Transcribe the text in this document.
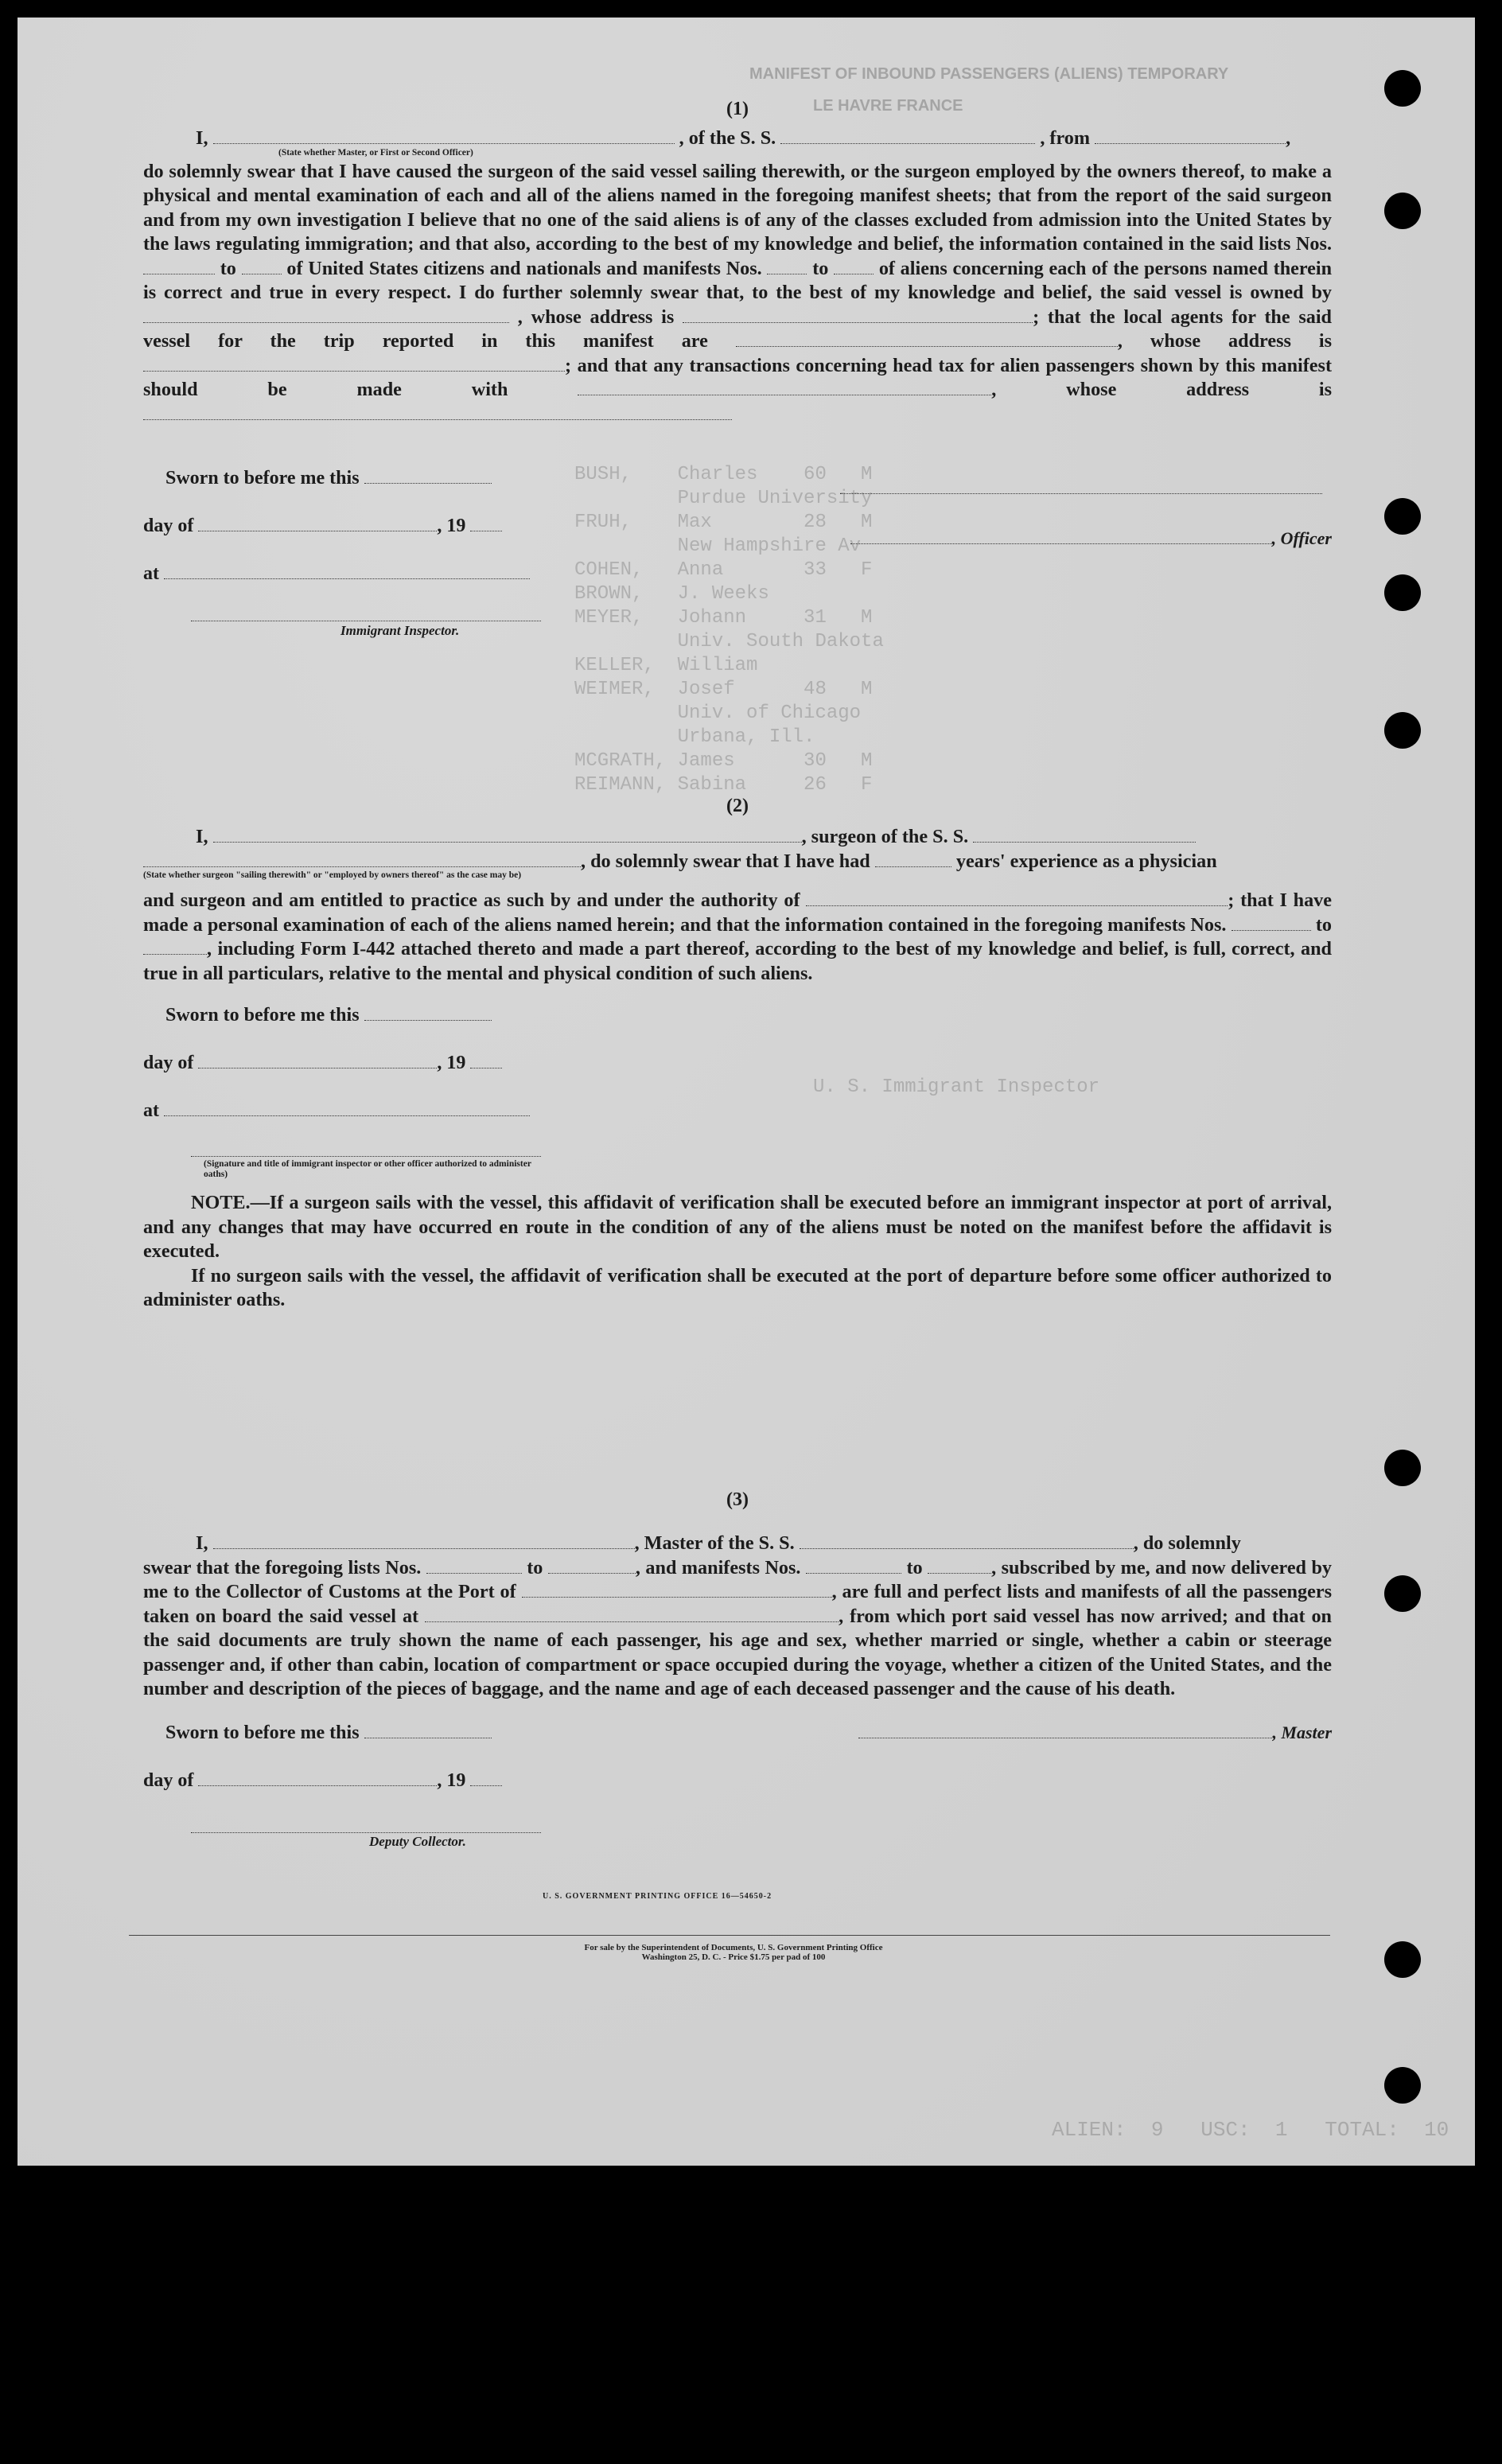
MANIFEST OF INBOUND PASSENGERS (ALIENS) TEMPORARY
LE HAVRE FRANCE
BUSH,    Charles    60   M
Purdue University
FRUH,    Max        28   M
New Hampshire Av
COHEN,   Anna       33   F
BROWN,   J. Weeks
MEYER,   Johann     31   M
Univ. South Dakota
KELLER,  William
WEIMER,  Josef      48   M
Univ. of Chicago
Urbana, Ill.
MCGRATH, James      30   M
REIMANN, Sabina     26   F
U. S. Immigrant Inspector
ALIEN:  9   USC:  1   TOTAL:  10

(1)

I,	, of the S. S.	, from	,
(State whether Master, or First or Second Officer)

do solemnly swear that I have caused the surgeon of the said vessel sailing therewith, or the surgeon employed by the owners thereof, to make a physical and mental examination of each and all of the aliens named in the foregoing manifest sheets; that from the report of the said surgeon and from my own investigation I believe that no one of the said aliens is of any of the classes excluded from admission into the United States by the laws regulating immigration; and that also, according to the best of my knowledge and belief, the information contained in the said lists Nos.  to	of United States citizens and nationals and manifests Nos.	to	of aliens concerning each of the persons named therein is correct and true in every respect. I do further solemnly swear that, to the best of my knowledge and belief, the said vessel is owned by  , whose address is	; that the local agents for the said vessel for the trip reported in this manifest are	, whose address is ; and that any transactions concerning head tax for alien passengers shown by this manifest should be made with	, whose address is

Sworn to before me this
day of	, 19
at
Immigrant Inspector.
, Officer

(2)

I,	, surgeon of the S. S.
, do solemnly swear that I have had	years' experience as a physician
(State whether surgeon "sailing therewith" or "employed by owners thereof" as the case may be)

and surgeon and am entitled to practice as such by and under the authority of	; that I have made a personal examination of each of the aliens named herein; and that the information contained in the foregoing manifests Nos.	to , including Form I-442 attached thereto and made a part thereof, according to the best of my knowledge and belief, is full, correct, and true in all particulars, relative to the mental and physical condition of such aliens.

Sworn to before me this
day of	, 19
at
(Signature and title of immigrant inspector or other officer authorized to administer oaths)

NOTE.—If a surgeon sails with the vessel, this affidavit of verification shall be executed before an immigrant inspector at port of arrival, and any changes that may have occurred en route in the condition of any of the aliens must be noted on the manifest before the affidavit is executed.

If no surgeon sails with the vessel, the affidavit of verification shall be executed at the port of departure before some officer authorized to administer oaths.

(3)

I,	, Master of the S. S.	, do solemnly

swear that the foregoing lists Nos.	to	, and manifests Nos.	to	, subscribed by me, and now delivered by me to the Collector of Customs at the Port of	, are full and perfect lists and manifests of all the passengers taken on board the said vessel at	, from which port said vessel has now arrived; and that on the said documents are truly shown the name of each passenger, his age and sex, whether married or single, whether a cabin or steerage passenger and, if other than cabin, location of compartment or space occupied during the voyage, whether a citizen of the United States, and the number and description of the pieces of baggage, and the name and age of each deceased passenger and the cause of his death.

Sworn to before me this	, Master
day of	, 19
Deputy Collector.
U. S. GOVERNMENT PRINTING OFFICE 16—54650-2
For sale by the Superintendent of Documents, U. S. Government Printing Office
Washington 25, D. C. - Price $1.75 per pad of 100
